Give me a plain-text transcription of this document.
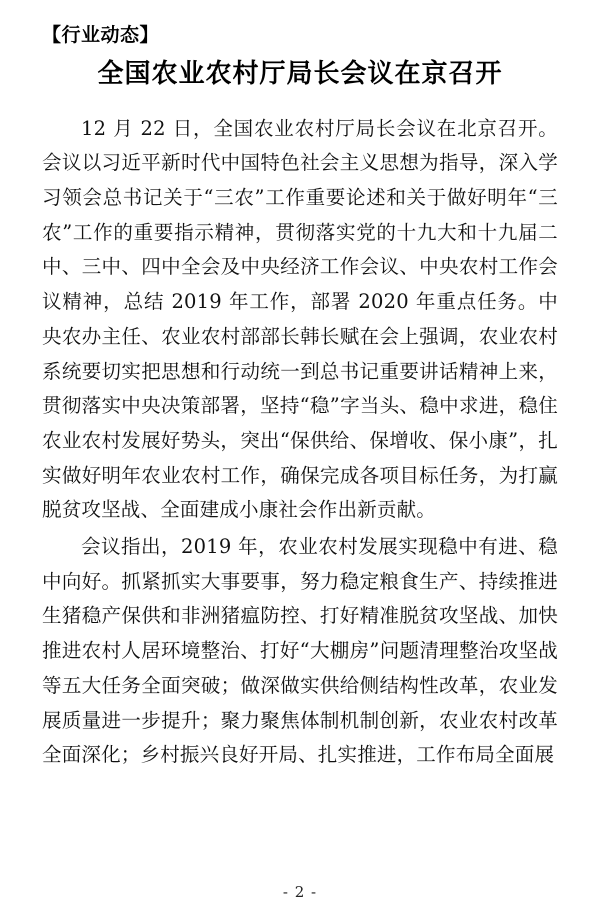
【行业动态】
全国农业农村厅局长会议在京召开

12 月 22 日，全国农业农村厅局长会议在北京召开。会议以习近平新时代中国特色社会主义思想为指导，深入学习领会总书记关于“三农”工作重要论述和关于做好明年“三农”工作的重要指示精神，贯彻落实党的十九大和十九届二中、三中、四中全会及中央经济工作会议、中央农村工作会议精神，总结 2019 年工作，部署 2020 年重点任务。中央农办主任、农业农村部部长韩长赋在会上强调，农业农村系统要切实把思想和行动统一到总书记重要讲话精神上来，贯彻落实中央决策部署，坚持“稳”字当头、稳中求进，稳住农业农村发展好势头，突出“保供给、保增收、保小康”，扎实做好明年农业农村工作，确保完成各项目标任务，为打赢脱贫攻坚战、全面建成小康社会作出新贡献。

会议指出，2019 年，农业农村发展实现稳中有进、稳中向好。抓紧抓实大事要事，努力稳定粮食生产、持续推进生猪稳产保供和非洲猪瘟防控、打好精准脱贫攻坚战、加快推进农村人居环境整治、打好“大棚房”问题清理整治攻坚战等五大任务全面突破；做深做实供给侧结构性改革，农业发展质量进一步提升；聚力聚焦体制机制创新，农业农村改革全面深化；乡村振兴良好开局、扎实推进，工作布局全面展

- 2 -
